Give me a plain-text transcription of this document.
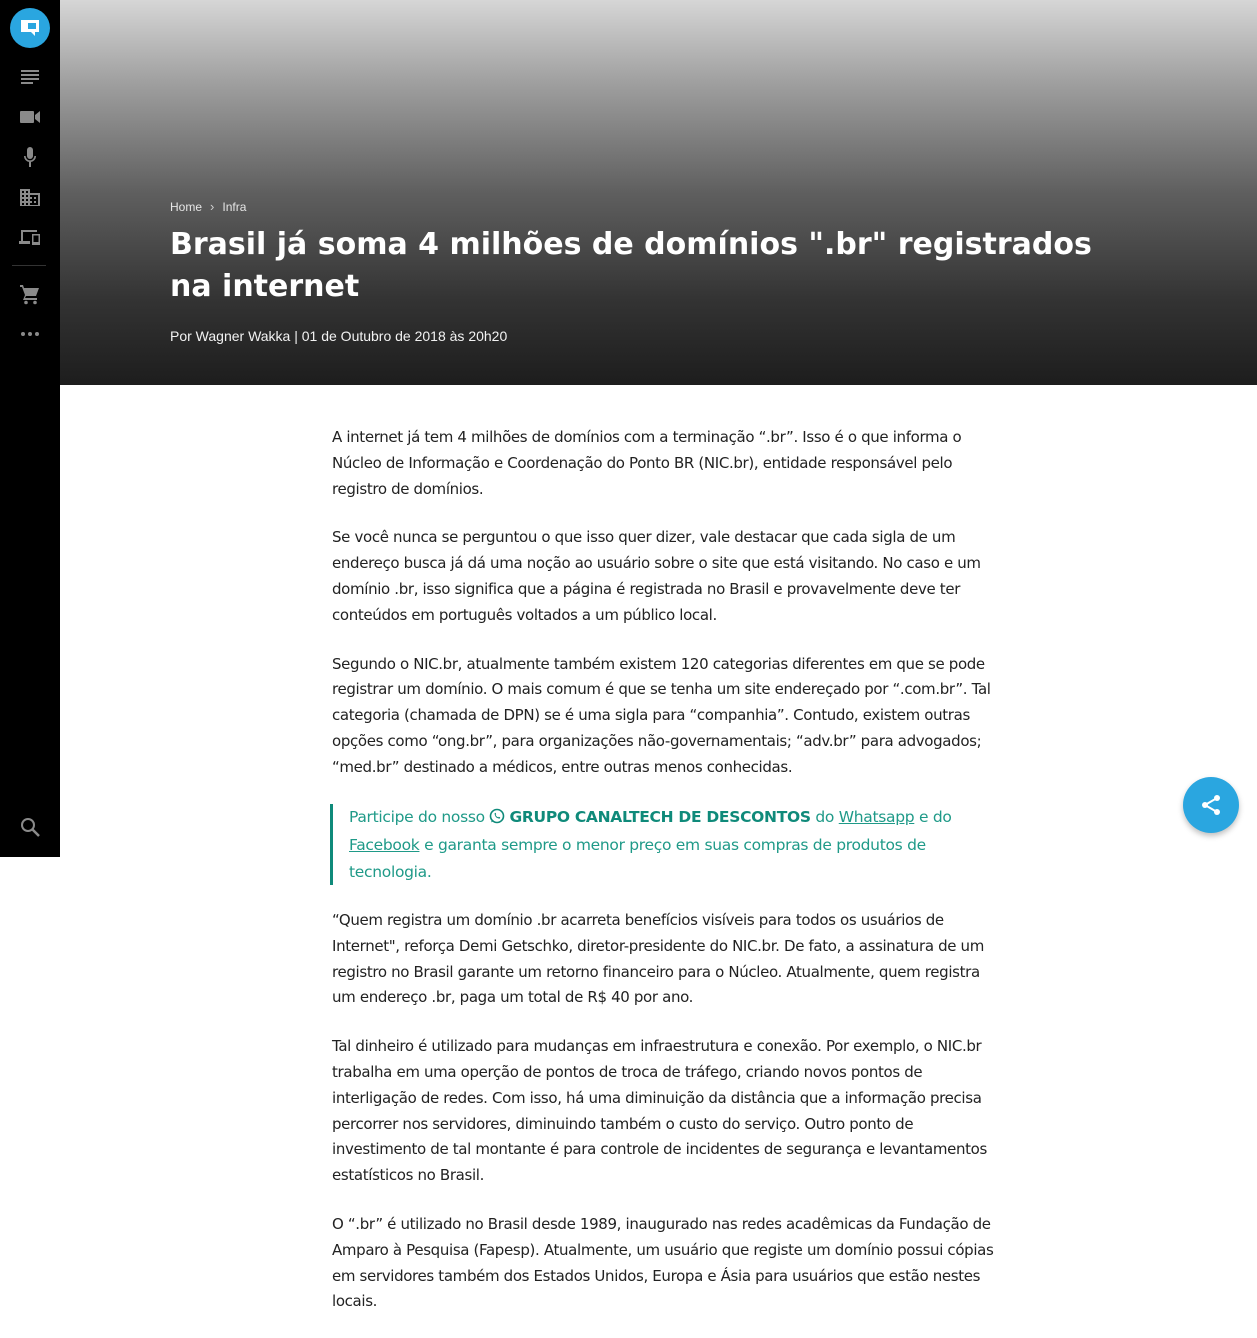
Home › Infra
Brasil já soma 4 milhões de domínios ".br" registrados na internet
Por Wagner Wakka | 01 de Outubro de 2018 às 20h20

A internet já tem 4 milhões de domínios com a terminação “.br”. Isso é o que informa o Núcleo de Informação e Coordenação do Ponto BR (NIC.br), entidade responsável pelo registro de domínios.

Se você nunca se perguntou o que isso quer dizer, vale destacar que cada sigla de um endereço busca já dá uma noção ao usuário sobre o site que está visitando. No caso e um domínio .br, isso significa que a página é registrada no Brasil e provavelmente deve ter conteúdos em português voltados a um público local.

Segundo o NIC.br, atualmente também existem 120 categorias diferentes em que se pode registrar um domínio. O mais comum é que se tenha um site endereçado por “.com.br”. Tal categoria (chamada de DPN) se é uma sigla para “companhia”. Contudo, existem outras opções como “ong.br”, para organizações não-governamentais; “adv.br” para advogados; “med.br” destinado a médicos, entre outras menos conhecidas.

Participe do nosso GRUPO CANALTECH DE DESCONTOS do Whatsapp e do Facebook e garanta sempre o menor preço em suas compras de produtos de tecnologia.

“Quem registra um domínio .br acarreta benefícios visíveis para todos os usuários de Internet", reforça Demi Getschko, diretor-presidente do NIC.br. De fato, a assinatura de um registro no Brasil garante um retorno financeiro para o Núcleo. Atualmente, quem registra um endereço .br, paga um total de R$ 40 por ano.

Tal dinheiro é utilizado para mudanças em infraestrutura e conexão. Por exemplo, o NIC.br trabalha em uma operção de pontos de troca de tráfego, criando novos pontos de interligação de redes. Com isso, há uma diminuição da distância que a informação precisa percorrer nos servidores, diminuindo também o custo do serviço. Outro ponto de investimento de tal montante é para controle de incidentes de segurança e levantamentos estatísticos no Brasil.

O “.br” é utilizado no Brasil desde 1989, inaugurado nas redes acadêmicas da Fundação de Amparo à Pesquisa (Fapesp). Atualmente, um usuário que registe um domínio possui cópias em servidores também dos Estados Unidos, Europa e Ásia para usuários que estão nestes locais.
